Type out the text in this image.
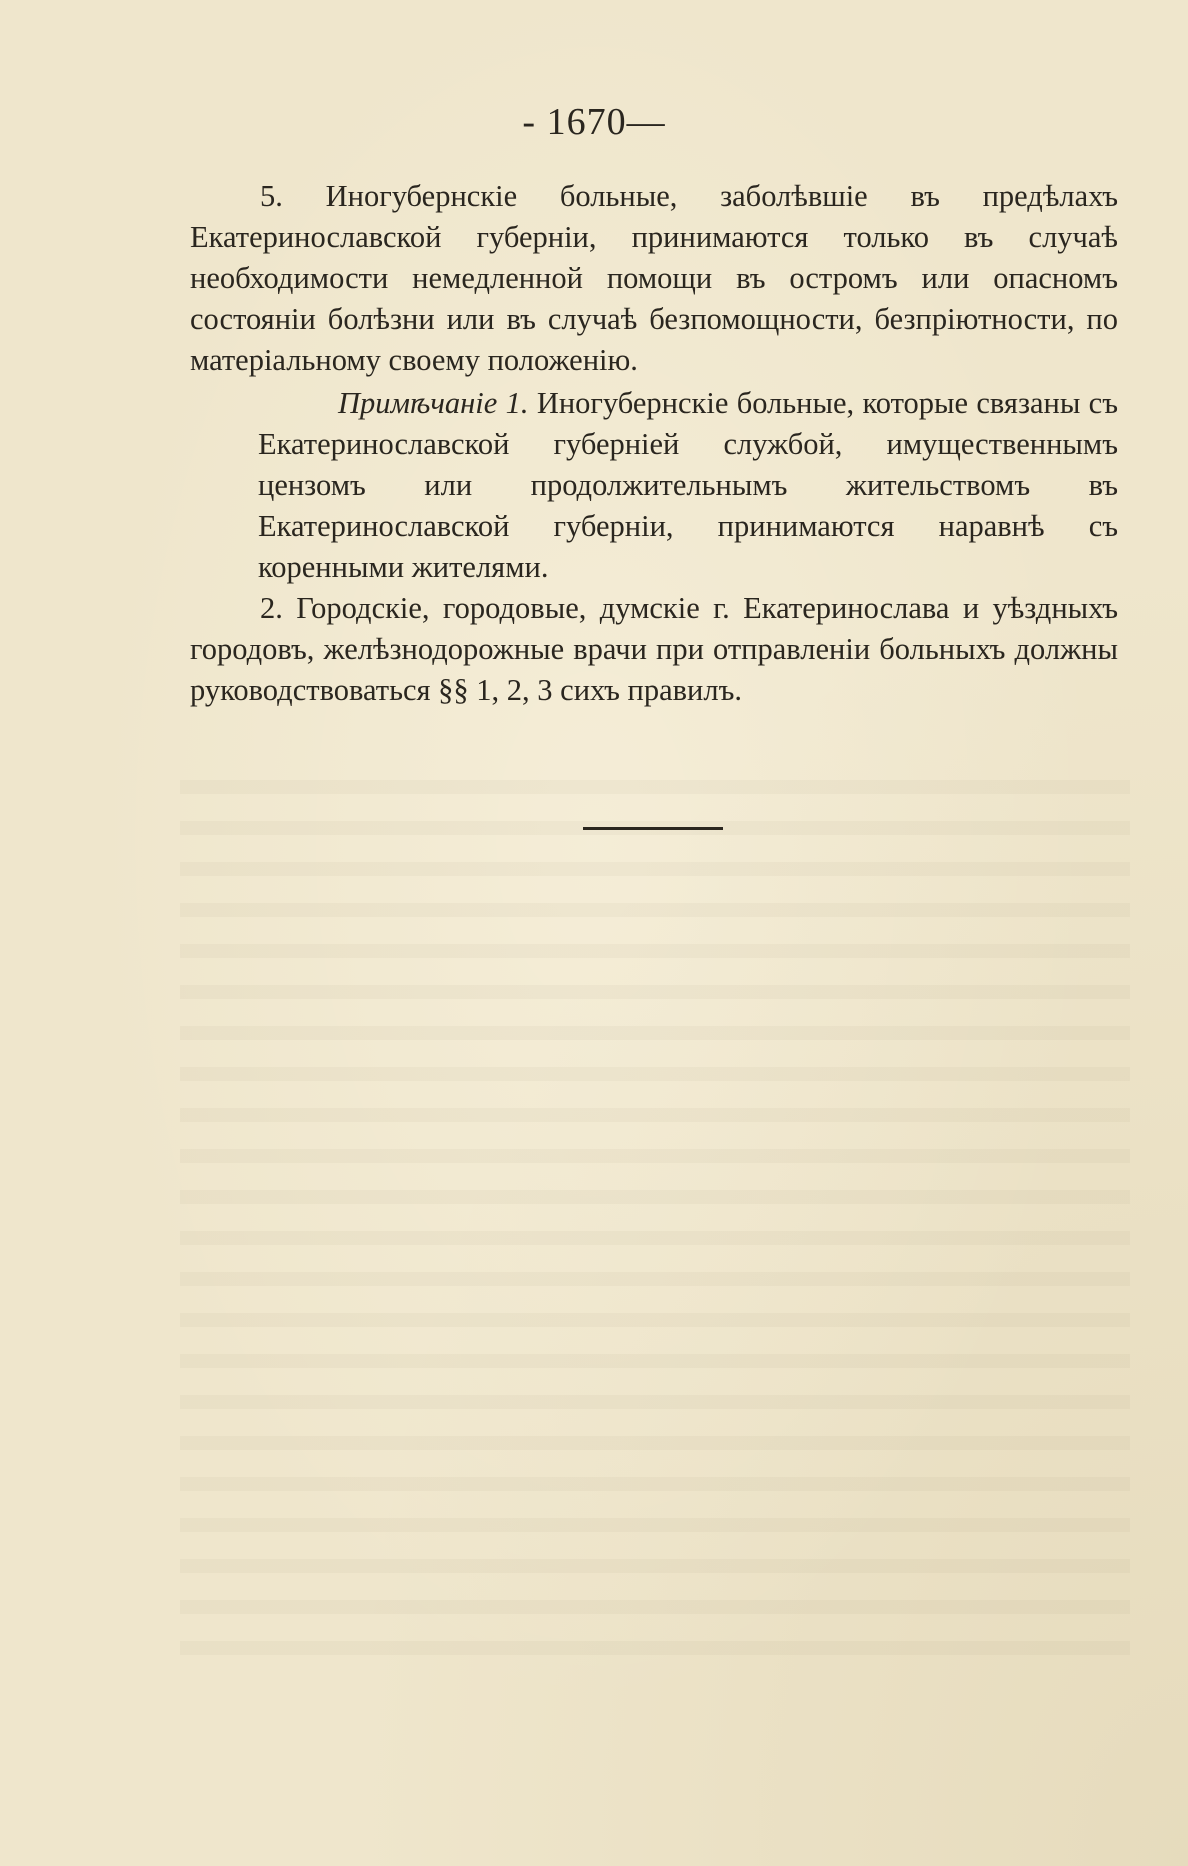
- 1670—

5. Иногубернскіе больные, заболѣвшіе въ предѣлахъ Екатеринославской губерніи, принимаются только въ случаѣ необходимости немедленной помощи въ остромъ или опасномъ состояніи болѣзни или въ случаѣ безпомощности, безпріютности, по матеріальному своему положенію.

Примѣчаніе 1. Иногубернскіе больные, которые связаны съ Екатеринославской губерніей службой, имущественнымъ цензомъ или продолжительнымъ жительствомъ въ Екатеринославской губерніи, принимаются наравнѣ съ коренными жителями.

2. Городскіе, городовые, думскіе г. Екатеринослава и уѣздныхъ городовъ, желѣзнодорожные врачи при отправленіи больныхъ должны руководствоваться §§ 1, 2, 3 сихъ правилъ.
